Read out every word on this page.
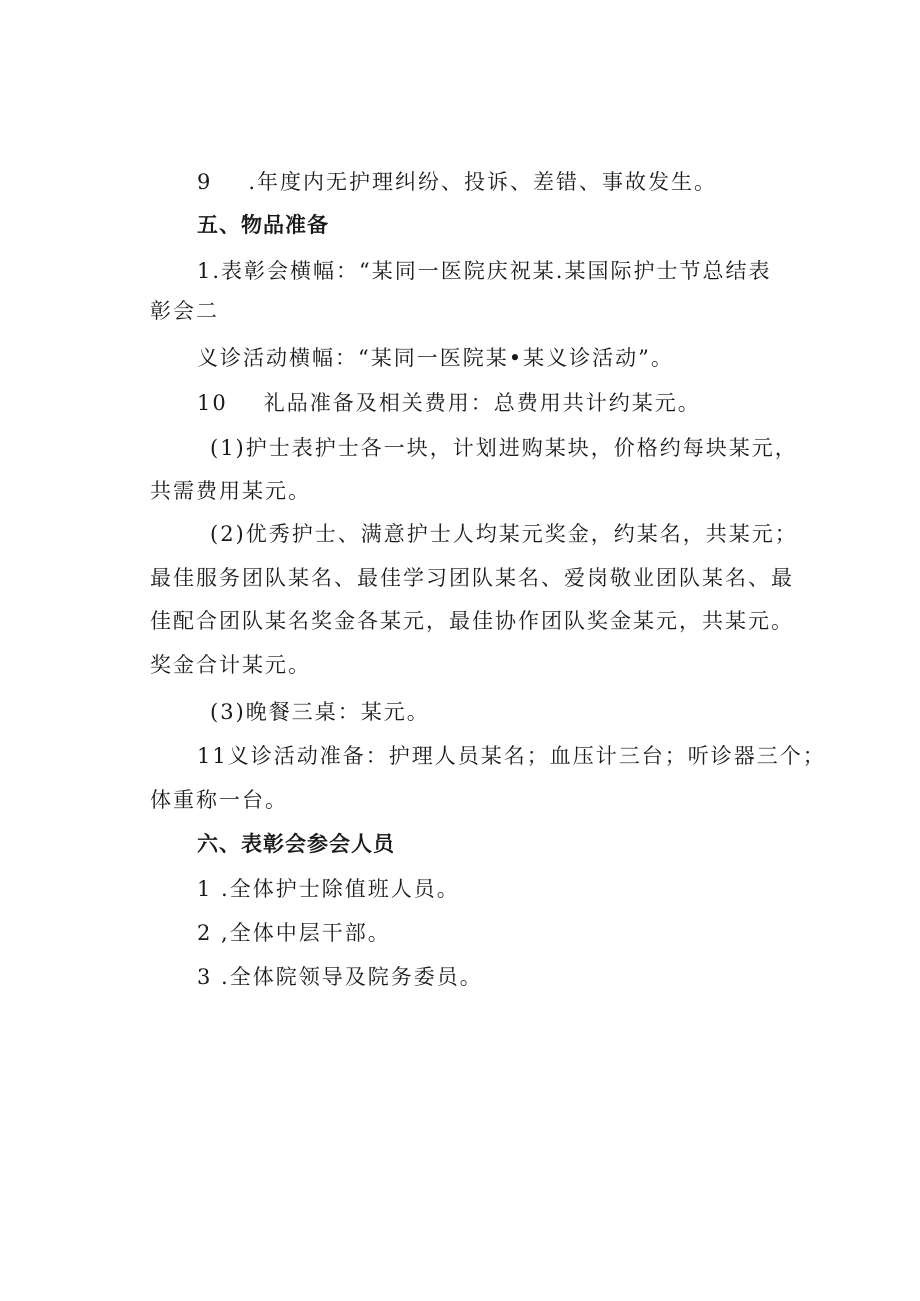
9 .年度内无护理纠纷、投诉、差错、事故发生。
五、物品准备
1.表彰会横幅：“某同一医院庆祝某.某国际护士节总结表
彰会二
义诊活动横幅：“某同一医院某•某义诊活动”。
10 礼品准备及相关费用：总费用共计约某元。
(1)护士表护士各一块，计划进购某块，价格约每块某元，
共需费用某元。
(2)优秀护士、满意护士人均某元奖金，约某名，共某元；
最佳服务团队某名、最佳学习团队某名、爱岗敬业团队某名、最
佳配合团队某名奖金各某元，最佳协作团队奖金某元，共某元。
奖金合计某元。
(3)晚餐三桌：某元。
11义诊活动准备：护理人员某名；血压计三台；听诊器三个；
体重称一台。
六、表彰会参会人员
1 .全体护士除值班人员。
2 ,全体中层干部。
3 .全体院领导及院务委员。
